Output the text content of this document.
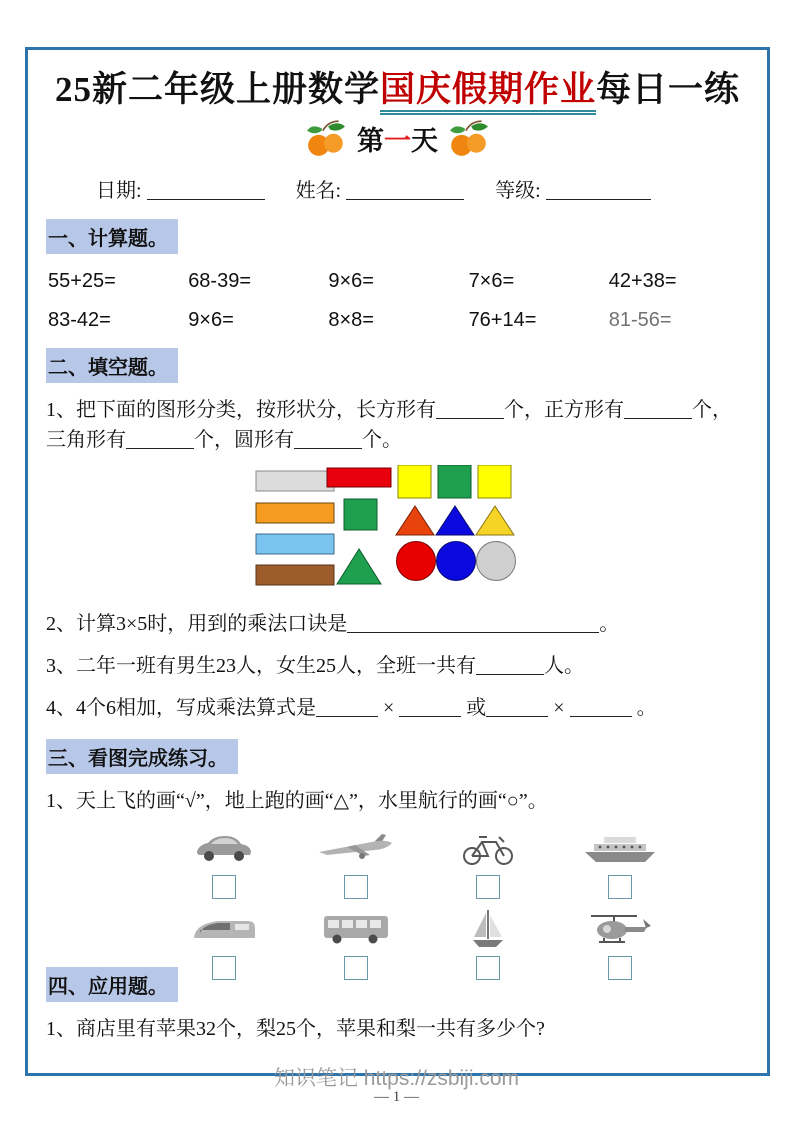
25新二年级上册数学国庆假期作业每日一练
第一天
日期:	姓名:	等级:
一、计算题。
55+25=	68-39=	9×6=	7×6=	42+38=
83-42=	9×6=	8×8=	76+14=	81-56=
二、填空题。
1、把下面的图形分类，按形状分，长方形有	个，正方形有	个，
三角形有	个，圆形有	个。
2、计算3×5时，用到的乘法口诀是	。
3、二年一班有男生23人，女生25人，全班一共有	人。
4、4个6相加，写成乘法算式是	×	或	×	。
三、看图完成练习。
1、天上飞的画“√”，地上跑的画“△”，水里航行的画“○”。
四、应用题。
1、商店里有苹果32个，梨25个，苹果和梨一共有多少个?
知识笔记 https://zsbiji.com
— 1 —
